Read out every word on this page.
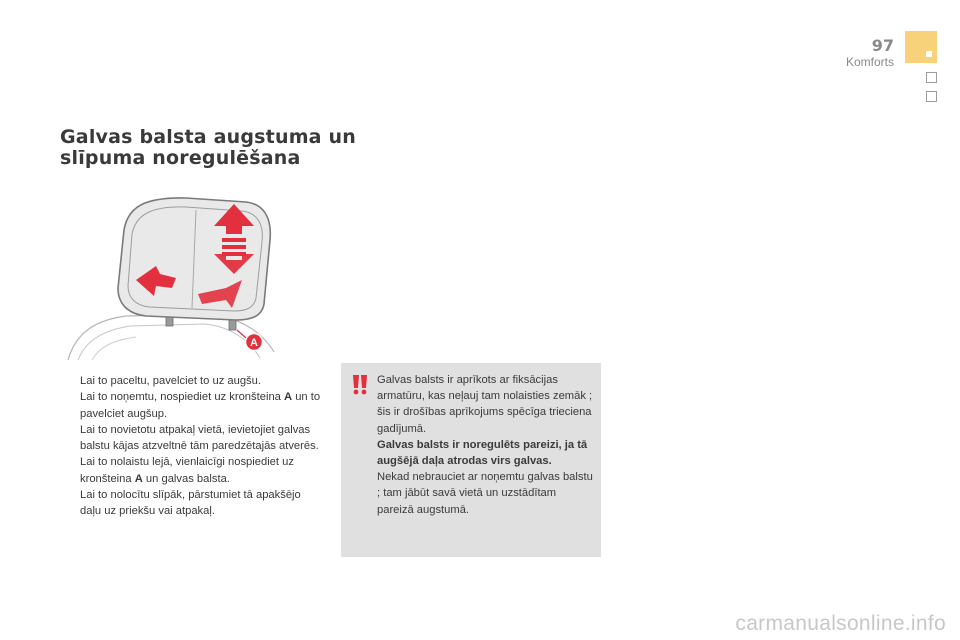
97
Komforts
Galvas balsta augstuma un
slīpuma noregulēšana
A
Lai to paceltu, pavelciet to uz augšu.
Lai to noņemtu, nospiediet uz kronšteina A un to pavelciet augšup.
Lai to novietotu atpakaļ vietā, ievietojiet galvas balstu kājas atzveltnē tām paredzētajās atverēs.
Lai to nolaistu lejā, vienlaicīgi nospiediet uz kronšteina A un galvas balsta.
Lai to nolocītu slīpāk, pārstumiet tā apakšējo daļu uz priekšu vai atpakaļ.
Galvas balsts ir aprīkots ar fiksācijas armatūru, kas neļauj tam nolaisties zemāk ; šis ir drošības aprīkojums spēcīga trieciena gadījumā.
Galvas balsts ir noregulēts pareizi, ja tā augšējā daļa atrodas virs galvas.
Nekad nebrauciet ar noņemtu galvas balstu ; tam jābūt savā vietā un uzstādītam pareizā augstumā.
carmanualsonline.info
